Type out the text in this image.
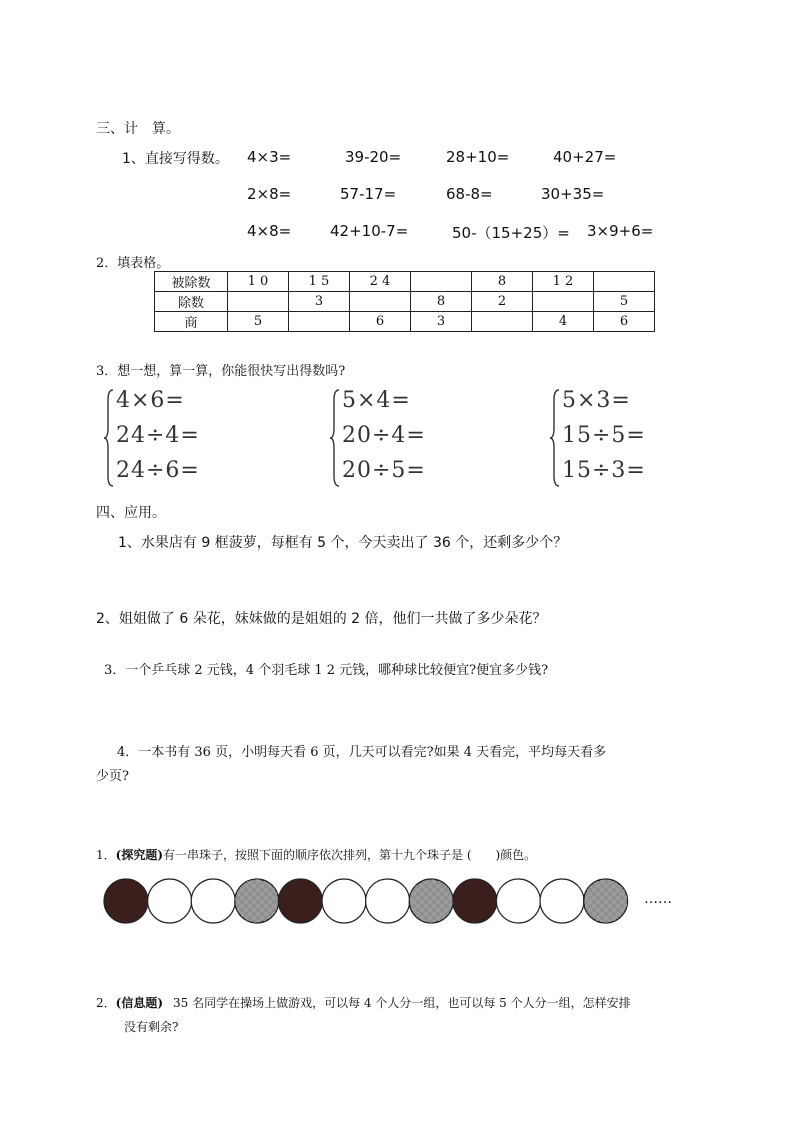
三、计　算。
1、直接写得数。 4×3=	39-20=	28+10=	40+27=
2×8=	57-17=	68-8=	30+35=
4×8=	42+10-7=	50-（15+25）= 3×9+6=
2．填表格。
被除数	1 0	1 5	2 4		8	1 2	
除数		3		8	2		5
商	5		6	3		4	6
3．想一想，算一算，你能很快写出得数吗?
4×6=
24÷4=
24÷6=
5×4=
20÷4=
20÷5=
5×3=
15÷5=
15÷3=
四、应用。
1、水果店有 9 框菠萝，每框有 5 个，今天卖出了 36 个，还剩多少个？
2、姐姐做了 6 朵花，妹妹做的是姐姐的 2 倍，他们一共做了多少朵花？
3．一个乒乓球 2 元钱，4 个羽毛球 1 2 元钱，哪种球比较便宜?便宜多少钱?
4．一本书有 36 页，小明每天看 6 页，几天可以看完?如果 4 天看完，平均每天看多
少页?
1．(探究题)有一串珠子，按照下面的顺序依次排列，第十九个珠子是 (　　)颜色。
……
2．(信息题) 35 名同学在操场上做游戏，可以每 4 个人分一组，也可以每 5 个人分一组，怎样安排
没有剩余?
